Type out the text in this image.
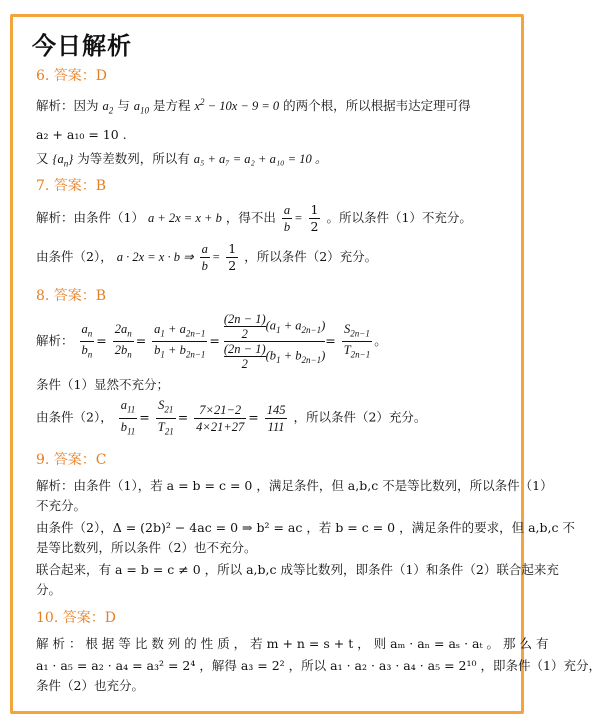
今日解析
6. 答案：D
解析：因为 $a_2$ 与 $a_{10}$ 是方程 $x^2 - 10x - 9 = 0$ 的两个根，所以根据韦达定理可得
a₂ + a₁₀ = 10 .
又 $\{a_n\}$ 为等差数列，所以有 a₅ + a₇ = a₂ + a₁₀ = 10 。
7. 答案：B
解析：由条件（1） a + 2x = x + b ，得不出 $\frac{a}{b} = \frac{1}{2}$ 。所以条件（1）不充分。
由条件（2）， a · 2x = x · b ⇒ $\frac{a}{b} = \frac{1}{2}$ ，所以条件（2）充分。
8. 答案：B
解析： $\frac{a_n}{b_n} = \frac{2a_n}{2b_n} = \frac{a_1 + a_{2n-1}}{b_1 + b_{2n-1}} = \frac{\frac{(2n - 1)}{2} (a_1 + a_{2n-1})}{\frac{(2n - 1)}{2} (b_1 + b_{2n-1})} = \frac{S_{2n-1}}{T_{2n-1}}$ 。
条件（1）显然不充分；
由条件（2）， $\frac{a_{11}}{b_{11}} = \frac{S_{21}}{T_{21}} = \frac{7\times 21-2}{4\times 21+27} = \frac{145}{111}$ ，所以条件（2）充分。
9. 答案：C
解析：由条件（1），若 a = b = c = 0 ，满足条件，但 a,b,c 不是等比数列，所以条件（1）
不充分。
由条件（2），Δ = (2b)² − 4ac = 0 ⇒ b² = ac ，若 b = c = 0 ，满足条件的要求，但 a,b,c 不
是等比数列，所以条件（2）也不充分。
联合起来，有 a = b = c ≠ 0 ，所以 a,b,c 成等比数列，即条件（1）和条件（2）联合起来充
分。
10. 答案：D
解 析 ： 根 据 等 比 数 列 的 性 质 ， 若 m + n = s + t ， 则 aₘ · aₙ = aₛ · aₜ 。 那 么 有
a₁ · a₅ = a₂ · a₄ = a₃² = 2⁴ ，解得 a₃ = 2² ，所以 a₁ · a₂ · a₃ · a₄ · a₅ = 2¹⁰ ，即条件（1）充分，
条件（2）也充分。
